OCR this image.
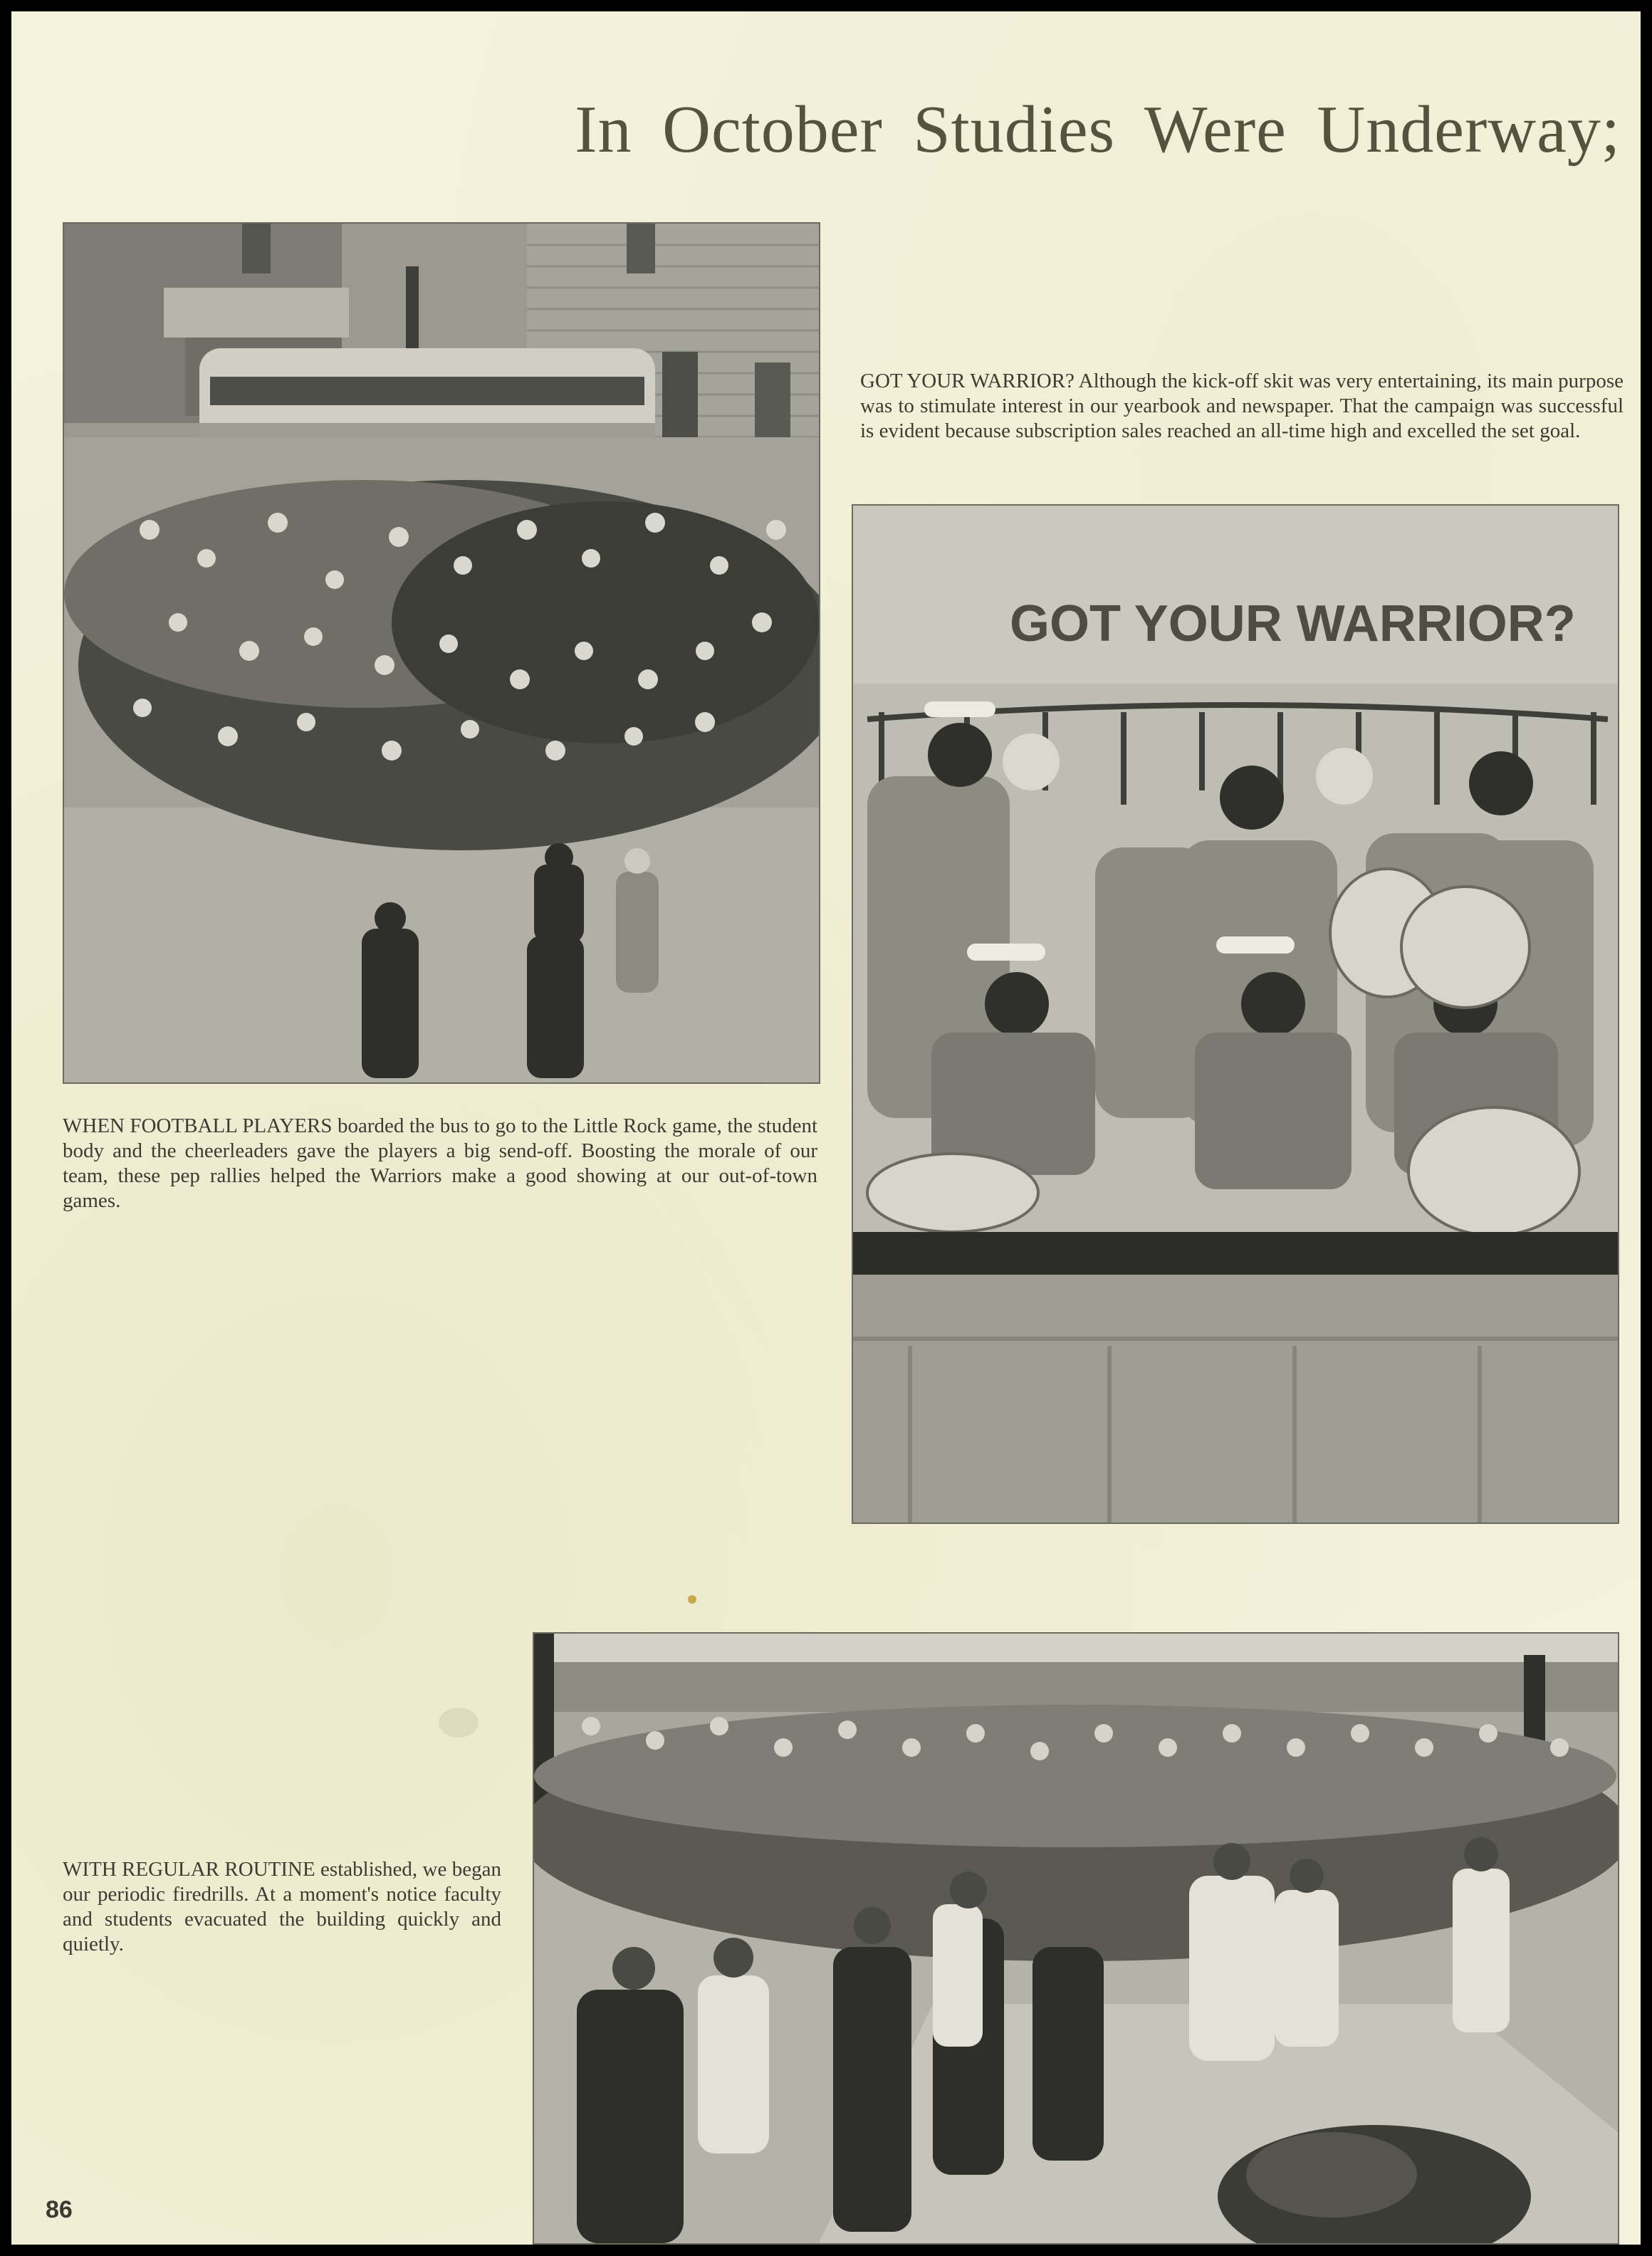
In October Studies Were Underway;
WHEN FOOTBALL PLAYERS boarded the bus to go to the Little Rock game, the student body and the cheerleaders gave the players a big send-off. Boosting the morale of our team, these pep rallies helped the Warriors make a good showing at our out-of-town games.
GOT YOUR WARRIOR? Although the kick-off skit was very entertaining, its main purpose was to stimulate interest in our yearbook and newspaper. That the campaign was successful is evident because subscription sales reached an all-time high and excelled the set goal.
GOT YOUR WARRIOR?
WITH REGULAR ROUTINE established, we began our periodic firedrills. At a moment's notice faculty and students evacuated the building quickly and quietly.
86
